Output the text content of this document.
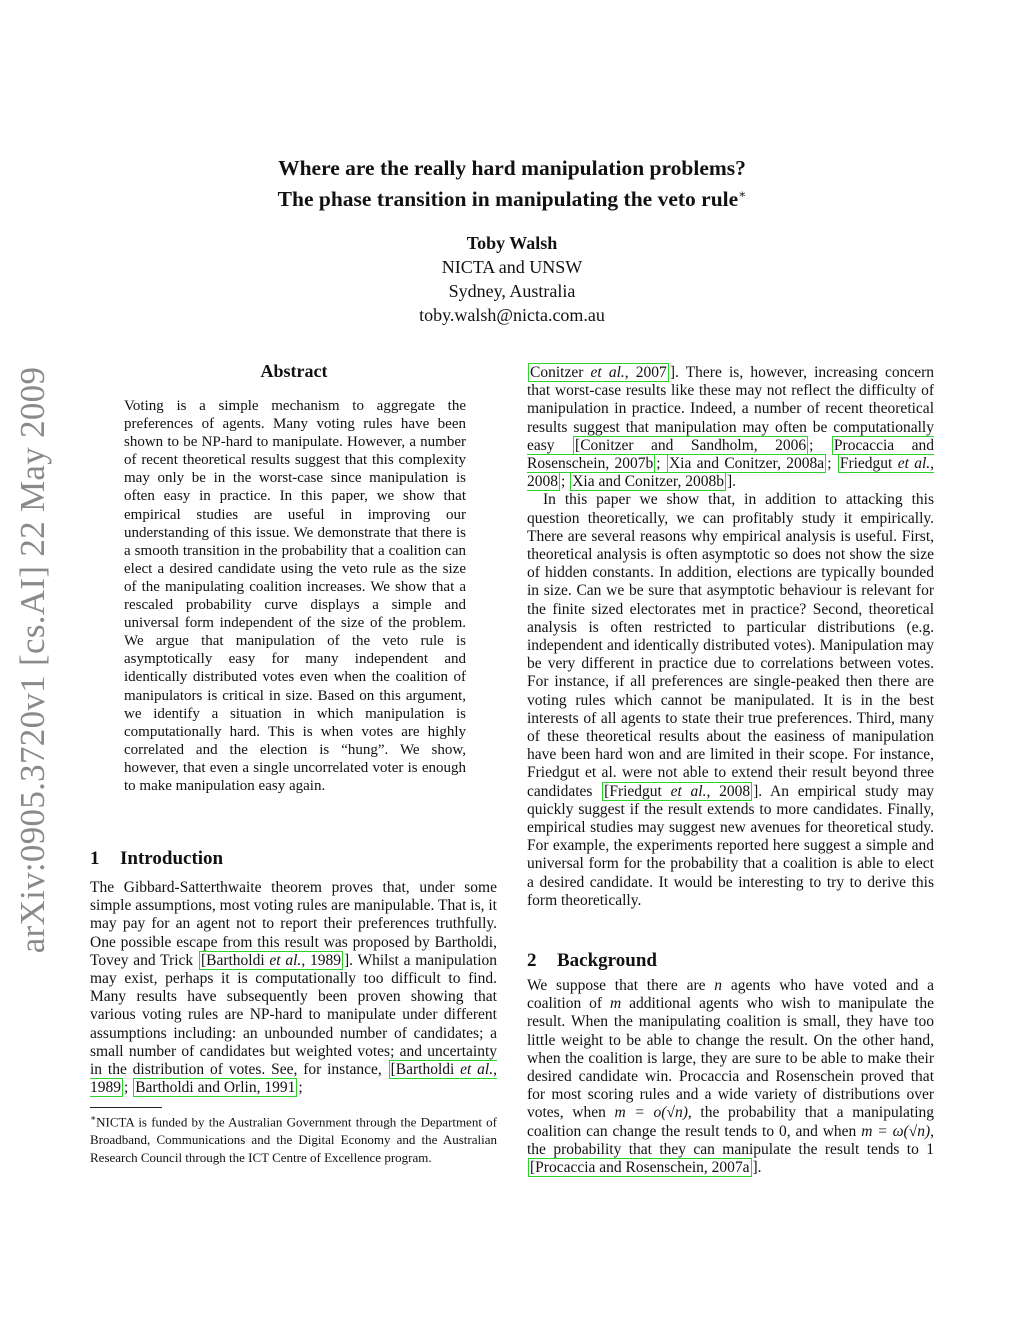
arXiv:0905.3720v1 [cs.AI] 22 May 2009
Where are the really hard manipulation problems?
The phase transition in manipulating the veto rule∗
Toby Walsh
NICTA and UNSW
Sydney, Australia
toby.walsh@nicta.com.au
Abstract

Voting is a simple mechanism to aggregate the preferences of agents. Many voting rules have been shown to be NP-hard to manipulate. However, a number of recent theoretical results suggest that this complexity may only be in the worst-case since manipulation is often easy in practice. In this paper, we show that empirical studies are useful in improving our understanding of this issue. We demonstrate that there is a smooth transition in the probability that a coalition can elect a desired candidate using the veto rule as the size of the manipulating coalition increases. We show that a rescaled probability curve displays a simple and universal form independent of the size of the problem. We argue that manipulation of the veto rule is asymptotically easy for many independent and identically distributed votes even when the coalition of manipulators is critical in size. Based on this argument, we identify a situation in which manipulation is computationally hard. This is when votes are highly correlated and the election is “hung”. We show, however, that even a single uncorrelated voter is enough to make manipulation easy again.

1 Introduction

The Gibbard-Satterthwaite theorem proves that, under some simple assumptions, most voting rules are manipulable. That is, it may pay for an agent not to report their preferences truthfully. One possible escape from this result was proposed by Bartholdi, Tovey and Trick [Bartholdi et al., 1989 ]. Whilst a manipulation may exist, perhaps it is computationally too difficult to find. Many results have subsequently been proven showing that various voting rules are NP-hard to manipulate under different assumptions including: an unbounded number of candidates; a small number of candidates but weighted votes; and uncertainty in the distribution of votes. See, for instance, [Bartholdi et al., 1989 ; Bartholdi and Orlin, 1991 ;

∗NICTA is funded by the Australian Government through the Department of Broadband, Communications and the Digital Economy and the Australian Research Council through the ICT Centre of Excellence program.

Conitzer et al., 2007 ]. There is, however, increasing concern that worst-case results like these may not reflect the difficulty of manipulation in practice. Indeed, a number of recent theoretical results suggest that manipulation may often be computationally easy [Conitzer and Sandholm, 2006 ; Procaccia and Rosenschein, 2007b ; Xia and Conitzer, 2008a ; Friedgut et al., 2008 ; Xia and Conitzer, 2008b ].

In this paper we show that, in addition to attacking this question theoretically, we can profitably study it empirically. There are several reasons why empirical analysis is useful. First, theoretical analysis is often asymptotic so does not show the size of hidden constants. In addition, elections are typically bounded in size. Can we be sure that asymptotic behaviour is relevant for the finite sized electorates met in practice? Second, theoretical analysis is often restricted to particular distributions (e.g. independent and identically distributed votes). Manipulation may be very different in practice due to correlations between votes. For instance, if all preferences are single-peaked then there are voting rules which cannot be manipulated. It is in the best interests of all agents to state their true preferences. Third, many of these theoretical results about the easiness of manipulation have been hard won and are limited in their scope. For instance, Friedgut et al. were not able to extend their result beyond three candidates [Friedgut et al., 2008 ]. An empirical study may quickly suggest if the result extends to more candidates. Finally, empirical studies may suggest new avenues for theoretical study. For example, the experiments reported here suggest a simple and universal form for the probability that a coalition is able to elect a desired candidate. It would be interesting to try to derive this form theoretically.

2 Background

We suppose that there are n agents who have voted and a coalition of m additional agents who wish to manipulate the result. When the manipulating coalition is small, they have too little weight to be able to change the result. On the other hand, when the coalition is large, they are sure to be able to make their desired candidate win. Procaccia and Rosenschein proved that for most scoring rules and a wide variety of distributions over votes, when m = o(√n), the probability that a manipulating coalition can change the result tends to 0, and when m = ω(√n), the probability that they can manipulate the result tends to 1 [Procaccia and Rosenschein, 2007a ].
